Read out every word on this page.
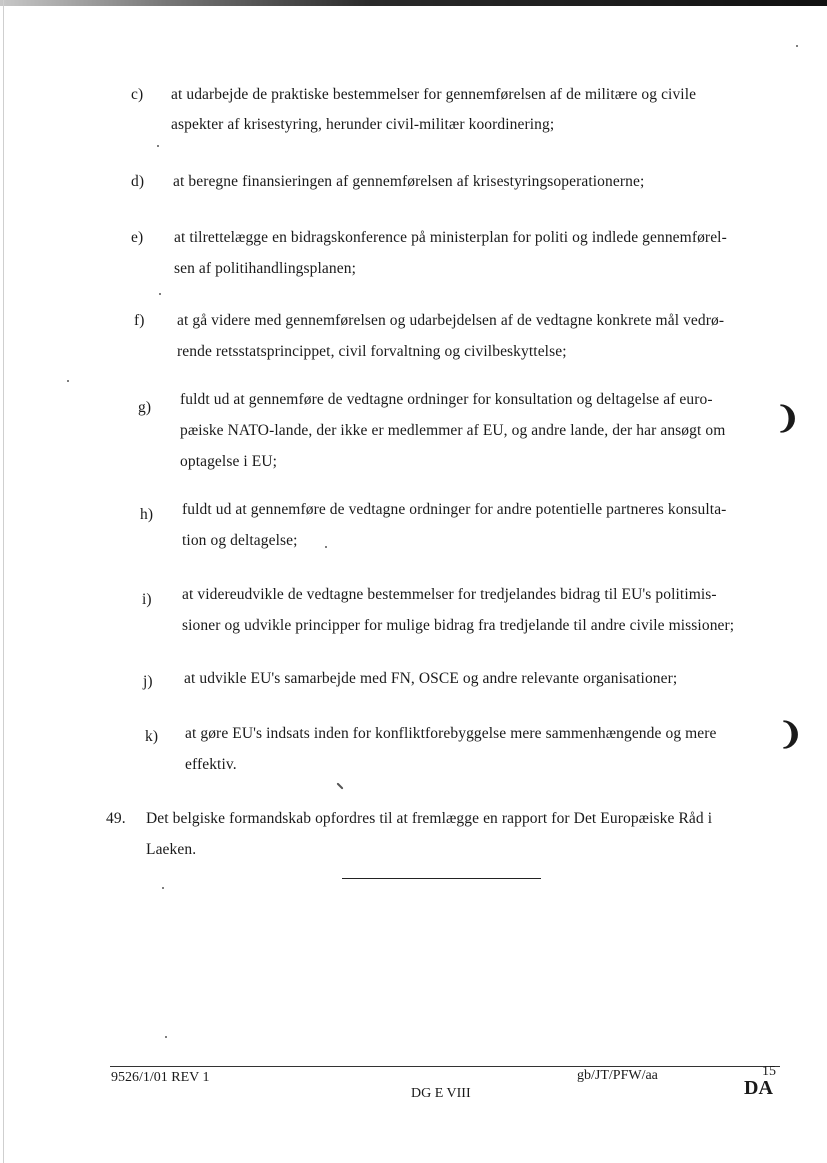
c) at udarbejde de praktiske bestemmelser for gennemførelsen af de militære og civile
aspekter af krisestyring, herunder civil-militær koordinering;
d) at beregne finansieringen af gennemførelsen af krisestyringsoperationerne;
e) at tilrettelægge en bidragskonference på ministerplan for politi og indlede gennemførel-
sen af politihandlingsplanen;
f) at gå videre med gennemførelsen og udarbejdelsen af de vedtagne konkrete mål vedrø-
rende retsstatsprincippet, civil forvaltning og civilbeskyttelse;
g) fuldt ud at gennemføre de vedtagne ordninger for konsultation og deltagelse af euro-
pæiske NATO-lande, der ikke er medlemmer af EU, og andre lande, der har ansøgt om
optagelse i EU;
h) fuldt ud at gennemføre de vedtagne ordninger for andre potentielle partneres konsulta-
tion og deltagelse;
i) at videreudvikle de vedtagne bestemmelser for tredjelandes bidrag til EU's politimis-
sioner og udvikle principper for mulige bidrag fra tredjelande til andre civile missioner;
j) at udvikle EU's samarbejde med FN, OSCE og andre relevante organisationer;
k) at gøre EU's indsats inden for konfliktforebyggelse mere sammenhængende og mere
effektiv.
49. Det belgiske formandskab opfordres til at fremlægge en rapport for Det Europæiske Råd i
Laeken.
9526/1/01 REV 1
DG E VIII
gb/JT/PFW/aa	15
DA
❩
❩
